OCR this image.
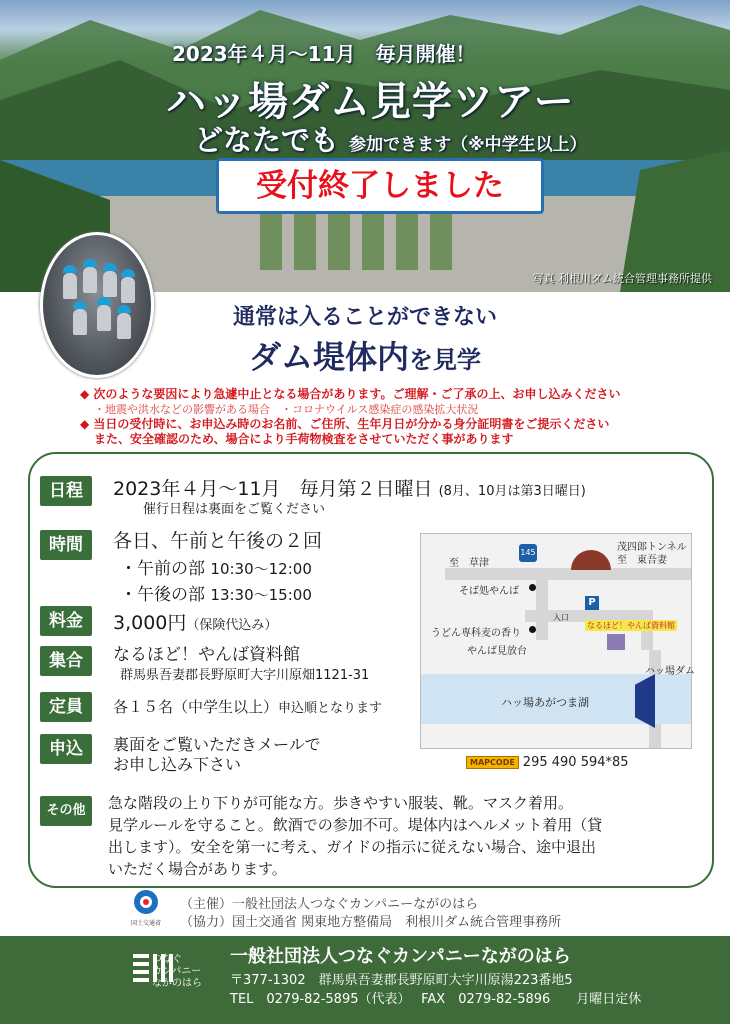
2023年４月～11月　毎月開催！
ハッ場ダム見学ツアー
どなたでも 参加できます（※中学生以上）
受付終了しました
写真 利根川ダム統合管理事務所提供
通常は入ることができない
ダム堤体内を見学
◆ 次のような要因により急遽中止となる場合があります。ご理解・ご了承の上、お申し込みください
・地震や洪水などの影響がある場合　・コロナウイルス感染症の感染拡大状況
◆ 当日の受付時に、お申込み時のお名前、ご住所、生年月日が分かる身分証明書をご提示ください
また、安全確認のため、場合により手荷物検査をさせていただく事があります
日程	2023年４月～11月　毎月第２日曜日 (8月、10月は第3日曜日)
催行日程は裏面をご覧ください
時間	各日、午前と午後の２回
・午前の部 10:30～12:00
・午後の部 13:30～15:00
料金	3,000円（保険代込み）
集合	なるほど！やんば資料館
群馬県吾妻郡長野原町大字川原畑1121-31
定員	各１５名（中学生以上）申込順となります
申込	裏面をご覧いただきメールで
お申し込み下さい
その他	急な階段の上り下りが可能な方。歩きやすい服装、靴。マスク着用。
見学ルールを守ること。飲酒での参加不可。堤体内はヘルメット着用（貸
出します）。安全を第一に考え、ガイドの指示に従えない場合、途中退出
いただく場合があります。
145
P
至　草津
茂四郎トンネル
至　東吾妻
そば処やんば
うどん専科麦の香り
やんば見放台
入口
なるほど！やんば資料館
ハッ場ダム
ハッ場あがつま湖
MAPCODE 295 490 594*85
国土交通省
（主催）一般社団法人つなぐカンパニーながのはら
（協力）国土交通省 関東地方整備局　利根川ダム統合管理事務所
つなぐ
カンパニー
ながのはら
一般社団法人つなぐカンパニーながのはら
〒377-1302　群馬県吾妻郡長野原町大字川原湯223番地5
TEL　0279-82-5895（代表）　 FAX　0279-82-5896　　月曜日定休
